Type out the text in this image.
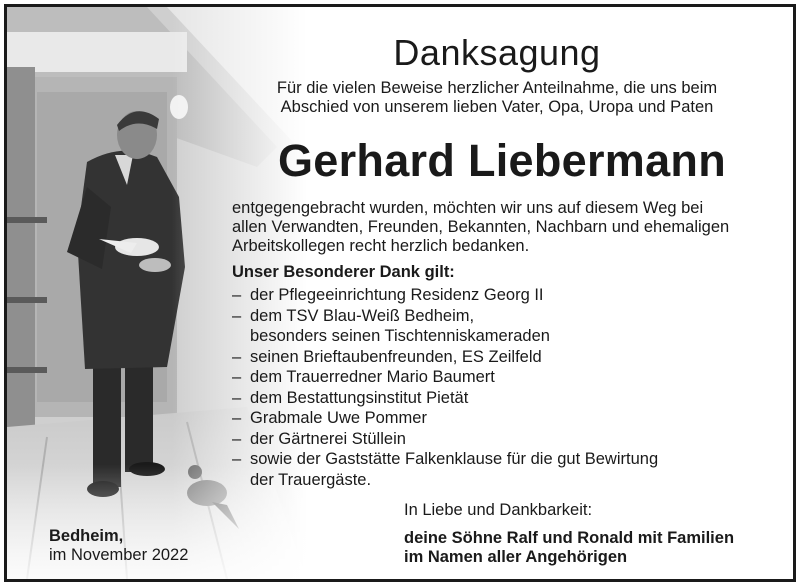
Danksagung
Für die vielen Beweise herzlicher Anteilnahme, die uns beim
Abschied von unserem lieben Vater, Opa, Uropa und Paten
Gerhard Liebermann
entgegengebracht wurden, möchten wir uns auf diesem Weg bei
allen Verwandten, Freunden, Bekannten, Nachbarn und ehemaligen
Arbeitskollegen recht herzlich bedanken.
Unser Besonderer Dank gilt:
– der Pflegeeinrichtung Residenz Georg II
– dem TSV Blau-Weiß Bedheim,
besonders seinen Tischtenniskameraden
– seinen Brieftaubenfreunden, ES Zeilfeld
– dem Trauerredner Mario Baumert
– dem Bestattungsinstitut Pietät
– Grabmale Uwe Pommer
– der Gärtnerei Stüllein
– sowie der Gaststätte Falkenklause für die gut Bewirtung
der Trauergäste.
Bedheim,
im November 2022
In Liebe und Dankbarkeit:
deine Söhne Ralf und Ronald mit Familien
im Namen aller Angehörigen
